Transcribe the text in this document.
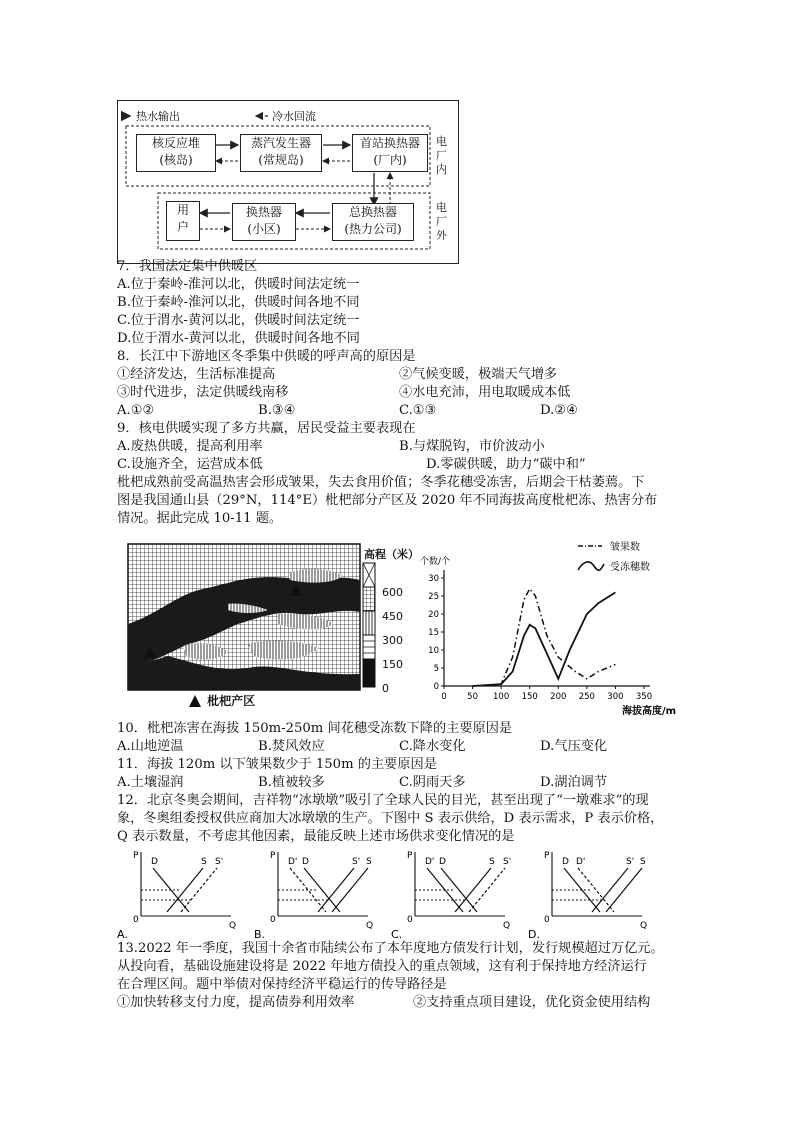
热水输出	冷水回流
核反应堆
(核岛)
蒸汽发生器
(常规岛)
首站换热器
(厂内)
用
户
换热器
(小区)
总换热器
(热力公司)
电厂内
电厂外
7．我国法定集中供暖区
A.位于秦岭-淮河以北，供暖时间法定统一
B.位于秦岭-淮河以北，供暖时间各地不同
C.位于渭水-黄河以北，供暖时间法定统一
D.位于渭水-黄河以北，供暖时间各地不同
8．长江中下游地区冬季集中供暖的呼声高的原因是
①经济发达，生活标准提高	②气候变暖，极端天气增多
③时代进步，法定供暖线南移	④水电充沛，用电取暖成本低
A.①②	B.③④	C.①③	D.②④
9．核电供暖实现了多方共赢，居民受益主要表现在
A.废热供暖，提高利用率	B.与煤脱钩，市价波动小
C.设施齐全，运营成本低	D.零碳供暖，助力“碳中和”
枇杷成熟前受高温热害会形成皱果，失去食用价值；冬季花穗受冻害，后期会干枯萎蔫。下
图是我国通山县（29°N，114°E）枇杷部分产区及 2020 年不同海拔高度枇杷冻、热害分布
情况。据此完成 10-11 题。
高程（米）
600
450
300
150
0
枇杷产区	0 50 100 150 200 250 300 350
0
5
10
15
20
25
30
个数/个
海拔高度/m
皱果数
受冻穗数
10．枇杷冻害在海拔 150m-250m 间花穗受冻数下降的主要原因是
A.山地逆温	B.焚风效应	C.降水变化	D.气压变化
11．海拔 120m 以下皱果数少于 150m 的主要原因是
A.土壤湿润	B.植被较多	C.阴雨天多	D.湖泊调节
12．北京冬奥会期间，吉祥物“冰墩墩”吸引了全球人民的目光，甚至出现了“一墩难求”的现
象，冬奥组委授权供应商加大冰墩墩的生产。下图中 S 表示供给，D 表示需求，P 表示价格，
Q 表示数量，不考虑其他因素，最能反映上述市场供求变化情况的是
P
Q
0
A.
D	S S'
P
Q
0
B.
D' D	S' S
P
Q
0
C.
D' D	S S'
P
Q
0
D.
D D'	S' S
13.2022 年一季度，我国十余省市陆续公布了本年度地方债发行计划，发行规模超过万亿元。
从投向看，基础设施建设将是 2022 年地方债投入的重点领域，这有利于保持地方经济运行
在合理区间。题中举债对保持经济平稳运行的传导路径是
①加快转移支付力度，提高债券利用效率	②支持重点项目建设，优化资金使用结构
